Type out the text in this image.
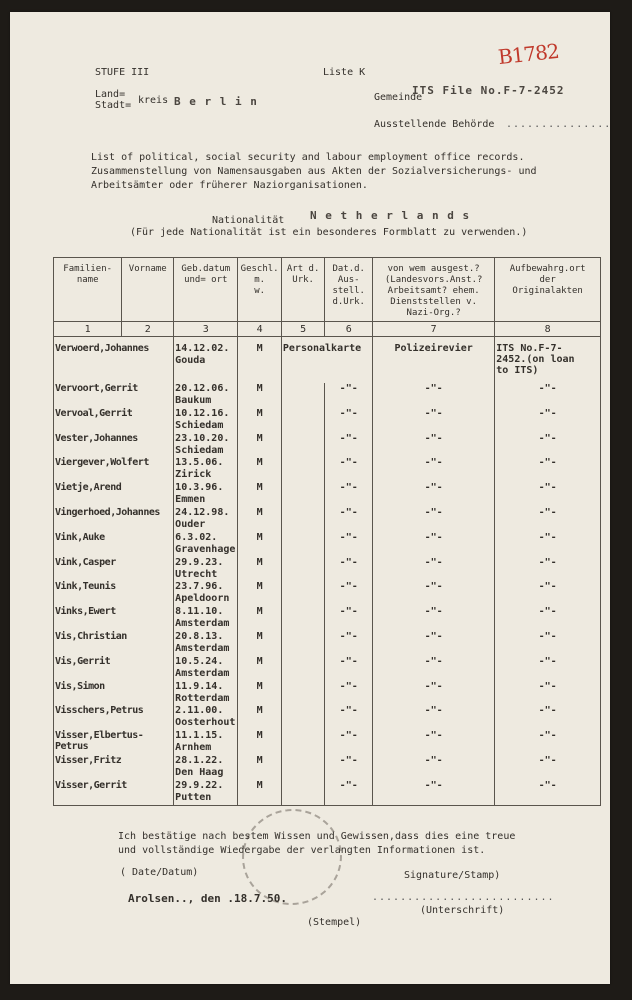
STUFE III	Liste K
B1782
Land=
Stadt= kreis B e r l i n	Gemeinde
ITS File No.F-7-2452
Ausstellende Behörde ...............
List of political, social security and labour employment office records.
Zusammenstellung von Namensausgaben aus Akten der Sozialversicherungs- und
Arbeitsämter oder früherer Naziorganisationen.
Nationalität N e t h e r l a n d s
(Für jede Nationalität ist ein besonderes Formblatt zu verwenden.)
Familien-
name	Vorname	Geb.datum
und= ort	Geschl.
m.
w.	Art d.
Urk.	Dat.d.
Aus-
stell.
d.Urk.	von wem ausgest.?
(Landesvors.Anst.?
Arbeitsamt? ehem.
Dienststellen v.
Nazi-Org.?	Aufbewahrg.ort
der
Originalakten
1	2	3	4	5	6	7	8
Verwoerd,Johannes		14.12.02.
Gouda	M	Personalkarte		Polizeirevier	ITS No.F-7-
2452.(on loan
to ITS)
Vervoort,Gerrit		20.12.06.
Baukum	M		-"-	-"-	-"-
Vervoal,Gerrit		10.12.16.
Schiedam	M		-"-	-"-	-"-
Vester,Johannes		23.10.20.
Schiedam	M		-"-	-"-	-"-
Viergever,Wolfert		13.5.06.
Zirick	M		-"-	-"-	-"-
Vietje,Arend		10.3.96.
Emmen	M		-"-	-"-	-"-
Vingerhoed,Johannes		24.12.98.
Ouder	M		-"-	-"-	-"-
Vink,Auke		6.3.02.
Gravenhage	M		-"-	-"-	-"-
Vink,Casper		29.9.23.
Utrecht	M		-"-	-"-	-"-
Vink,Teunis		23.7.96.
Apeldoorn	M		-"-	-"-	-"-
Vinks,Ewert		8.11.10.
Amsterdam	M		-"-	-"-	-"-
Vis,Christian		20.8.13.
Amsterdam	M		-"-	-"-	-"-
Vis,Gerrit		10.5.24.
Amsterdam	M		-"-	-"-	-"-
Vis,Simon		11.9.14.
Rotterdam	M		-"-	-"-	-"-
Visschers,Petrus		2.11.00.
Oosterhout	M		-"-	-"-	-"-
Visser,Elbertus-
Petrus		11.1.15.
Arnhem	M		-"-	-"-	-"-
Visser,Fritz		28.1.22.
Den Haag	M		-"-	-"-	-"-
Visser,Gerrit		29.9.22.
Putten	M		-"-	-"-	-"-
Ich bestätige nach bestem Wissen und Gewissen,dass dies eine treue
und vollständige Wiedergabe der verlangten Informationen ist.
( Date/Datum)	Signature/Stamp)
Arolsen.., den .18.7.50.	..........................
(Unterschrift)
(Stempel)
